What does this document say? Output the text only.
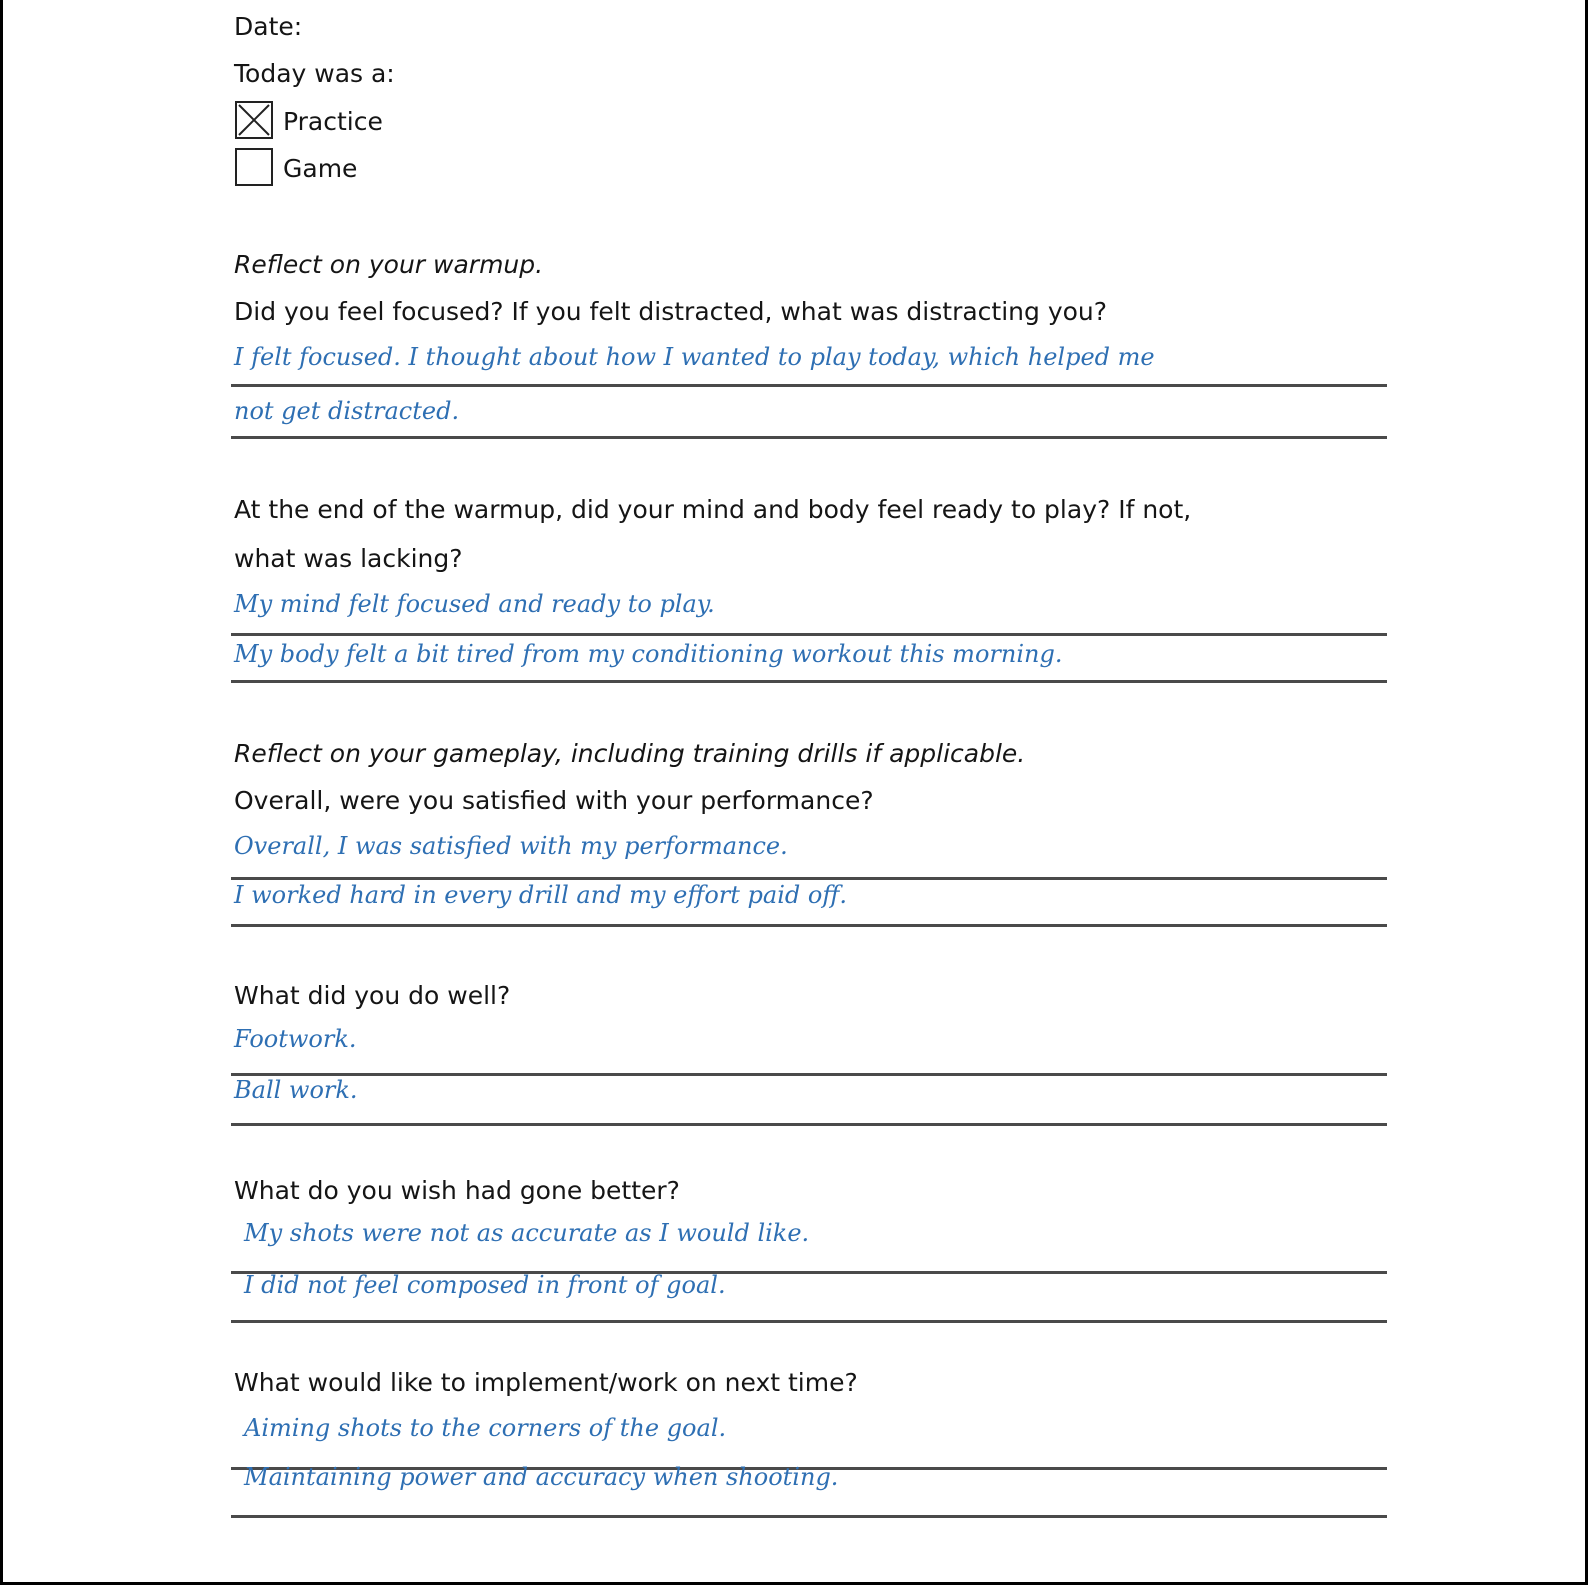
Date:
Today was a:
Practice
Game
Reflect on your warmup.
Did you feel focused? If you felt distracted, what was distracting you?
I felt focused. I thought about how I wanted to play today, which helped me
not get distracted.
At the end of the warmup, did your mind and body feel ready to play? If not,
what was lacking?
My mind felt focused and ready to play.
My body felt a bit tired from my conditioning workout this morning.
Reflect on your gameplay, including training drills if applicable.
Overall, were you satisfied with your performance?
Overall, I was satisfied with my performance.
I worked hard in every drill and my effort paid off.
What did you do well?
Footwork.
Ball work.
What do you wish had gone better?
My shots were not as accurate as I would like.
I did not feel composed in front of goal.
What would like to implement/work on next time?
Aiming shots to the corners of the goal.
Maintaining power and accuracy when shooting.
